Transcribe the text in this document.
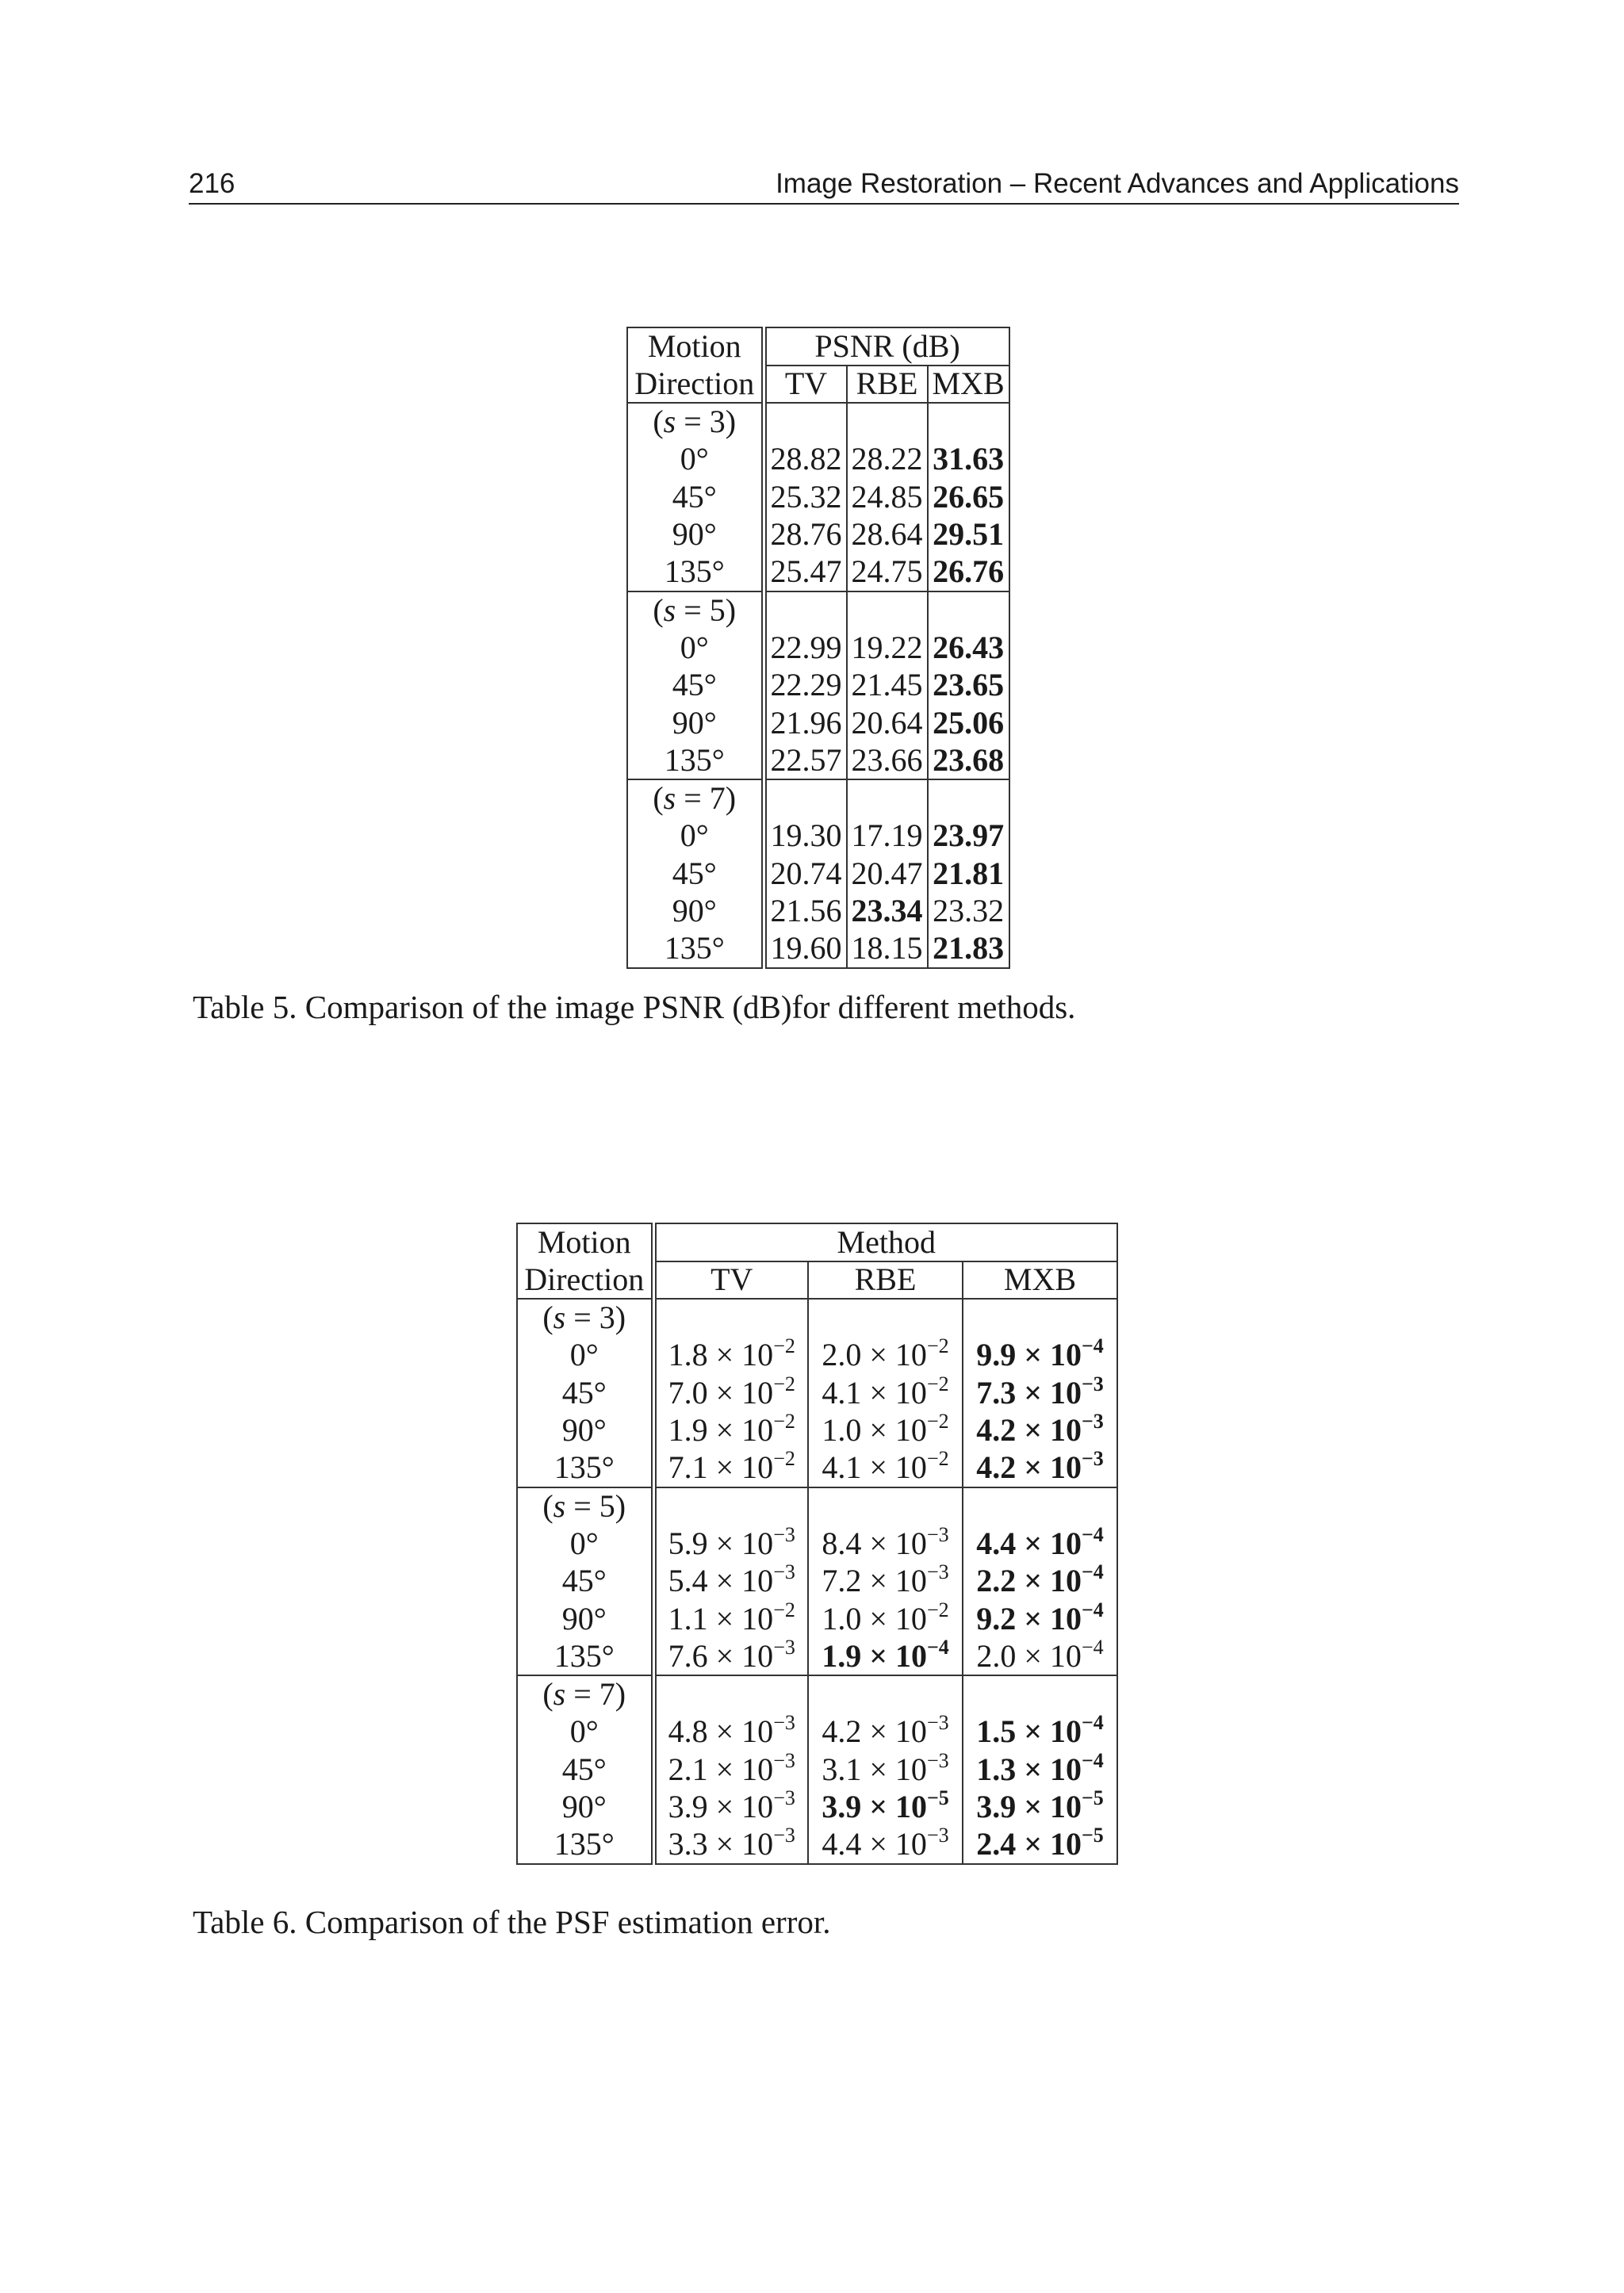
216	Image Restoration – Recent Advances and Applications
Motion	PSNR (dB)		
Direction	TV	RBE	MXB
(s = 3)			
0°	28.82	28.22	31.63
45°	25.32	24.85	26.65
90°	28.76	28.64	29.51
135°	25.47	24.75	26.76
(s = 5)			
0°	22.99	19.22	26.43
45°	22.29	21.45	23.65
90°	21.96	20.64	25.06
135°	22.57	23.66	23.68
(s = 7)			
0°	19.30	17.19	23.97
45°	20.74	20.47	21.81
90°	21.56	23.34	23.32
135°	19.60	18.15	21.83
Table 5. Comparison of the image PSNR (dB)for different methods.
Motion	Method		
Direction	TV	RBE	MXB
(s = 3)			
0°	$1.8 \times 10^{-2}$	$2.0 \times 10^{-2}$	$9.9 \times 10^{-4}$
45°	$7.0 \times 10^{-2}$	$4.1 \times 10^{-2}$	$7.3 \times 10^{-3}$
90°	$1.9 \times 10^{-2}$	$1.0 \times 10^{-2}$	$4.2 \times 10^{-3}$
135°	$7.1 \times 10^{-2}$	$4.1 \times 10^{-2}$	$4.2 \times 10^{-3}$
(s = 5)			
0°	$5.9 \times 10^{-3}$	$8.4 \times 10^{-3}$	$4.4 \times 10^{-4}$
45°	$5.4 \times 10^{-3}$	$7.2 \times 10^{-3}$	$2.2 \times 10^{-4}$
90°	$1.1 \times 10^{-2}$	$1.0 \times 10^{-2}$	$9.2 \times 10^{-4}$
135°	$7.6 \times 10^{-3}$	$1.9 \times 10^{-4}$	$2.0 \times 10^{-4}$
(s = 7)			
0°	$4.8 \times 10^{-3}$	$4.2 \times 10^{-3}$	$1.5 \times 10^{-4}$
45°	$2.1 \times 10^{-3}$	$3.1 \times 10^{-3}$	$1.3 \times 10^{-4}$
90°	$3.9 \times 10^{-3}$	$3.9 \times 10^{-5}$	$3.9 \times 10^{-5}$
135°	$3.3 \times 10^{-3}$	$4.4 \times 10^{-3}$	$2.4 \times 10^{-5}$
Table 6. Comparison of the PSF estimation error.
